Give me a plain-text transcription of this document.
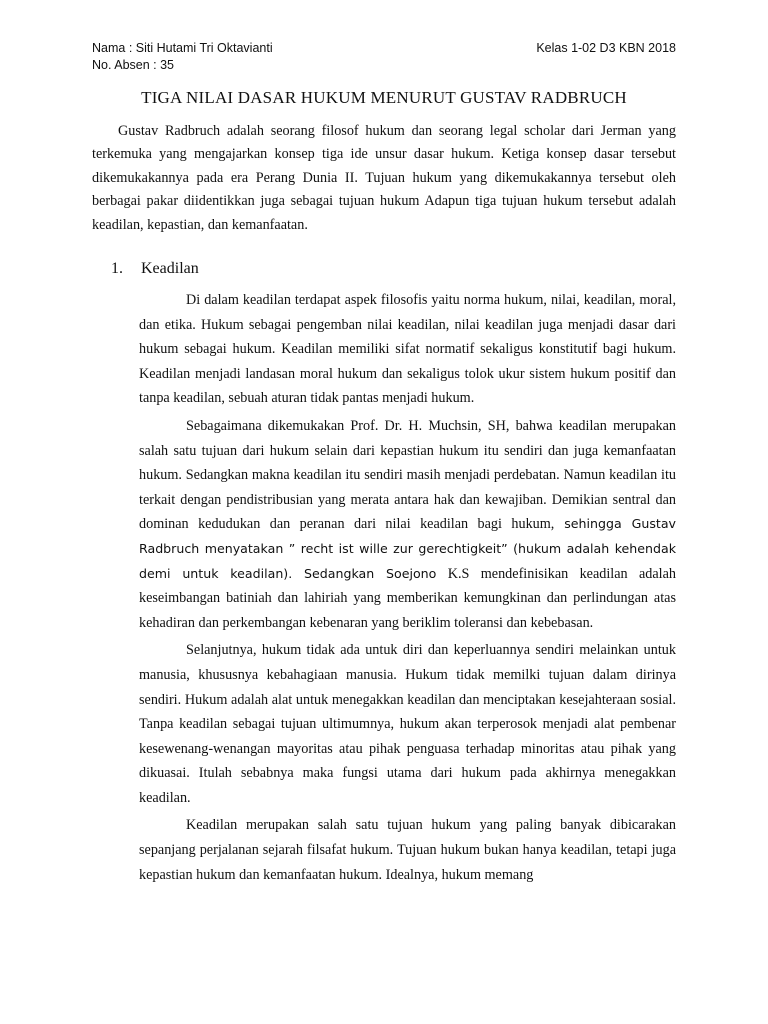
Nama : Siti Hutami Tri Oktavianti	Kelas 1-02 D3 KBN 2018
No. Absen : 35
TIGA NILAI DASAR HUKUM MENURUT GUSTAV RADBRUCH

Gustav Radbruch adalah seorang filosof hukum dan seorang legal scholar dari Jerman yang terkemuka yang mengajarkan konsep tiga ide unsur dasar hukum. Ketiga konsep dasar tersebut dikemukakannya pada era Perang Dunia II. Tujuan hukum yang dikemukakannya tersebut oleh berbagai pakar diidentikkan juga sebagai tujuan hukum Adapun tiga tujuan hukum tersebut adalah keadilan, kepastian, dan kemanfaatan.

1.	Keadilan

Di dalam keadilan terdapat aspek filosofis yaitu norma hukum, nilai, keadilan, moral, dan etika. Hukum sebagai pengemban nilai keadilan, nilai keadilan juga menjadi dasar dari hukum sebagai hukum. Keadilan memiliki sifat normatif sekaligus konstitutif bagi hukum. Keadilan menjadi landasan moral hukum dan sekaligus tolok ukur sistem hukum positif dan tanpa keadilan, sebuah aturan tidak pantas menjadi hukum.

Sebagaimana dikemukakan Prof. Dr. H. Muchsin, SH, bahwa keadilan merupakan salah satu tujuan dari hukum selain dari kepastian hukum itu sendiri dan juga kemanfaatan hukum. Sedangkan makna keadilan itu sendiri masih menjadi perdebatan. Namun keadilan itu terkait dengan pendistribusian yang merata antara hak dan kewajiban. Demikian sentral dan dominan kedudukan dan peranan dari nilai keadilan bagi hukum, sehingga Gustav Radbruch menyatakan ” recht ist wille zur gerechtigkeit” (hukum adalah kehendak demi untuk keadilan). Sedangkan Soejono K.S mendefinisikan keadilan adalah keseimbangan batiniah dan lahiriah yang memberikan kemungkinan dan perlindungan atas kehadiran dan perkembangan kebenaran yang beriklim toleransi dan kebebasan.

Selanjutnya, hukum tidak ada untuk diri dan keperluannya sendiri melainkan untuk manusia, khususnya kebahagiaan manusia. Hukum tidak memilki tujuan dalam dirinya sendiri. Hukum adalah alat untuk menegakkan keadilan dan menciptakan kesejahteraan sosial. Tanpa keadilan sebagai tujuan ultimumnya, hukum akan terperosok menjadi alat pembenar kesewenang-wenangan mayoritas atau pihak penguasa terhadap minoritas atau pihak yang dikuasai. Itulah sebabnya maka fungsi utama dari hukum pada akhirnya menegakkan keadilan.

Keadilan merupakan salah satu tujuan hukum yang paling banyak dibicarakan sepanjang perjalanan sejarah filsafat hukum. Tujuan hukum bukan hanya keadilan, tetapi juga kepastian hukum dan kemanfaatan hukum. Idealnya, hukum memang
